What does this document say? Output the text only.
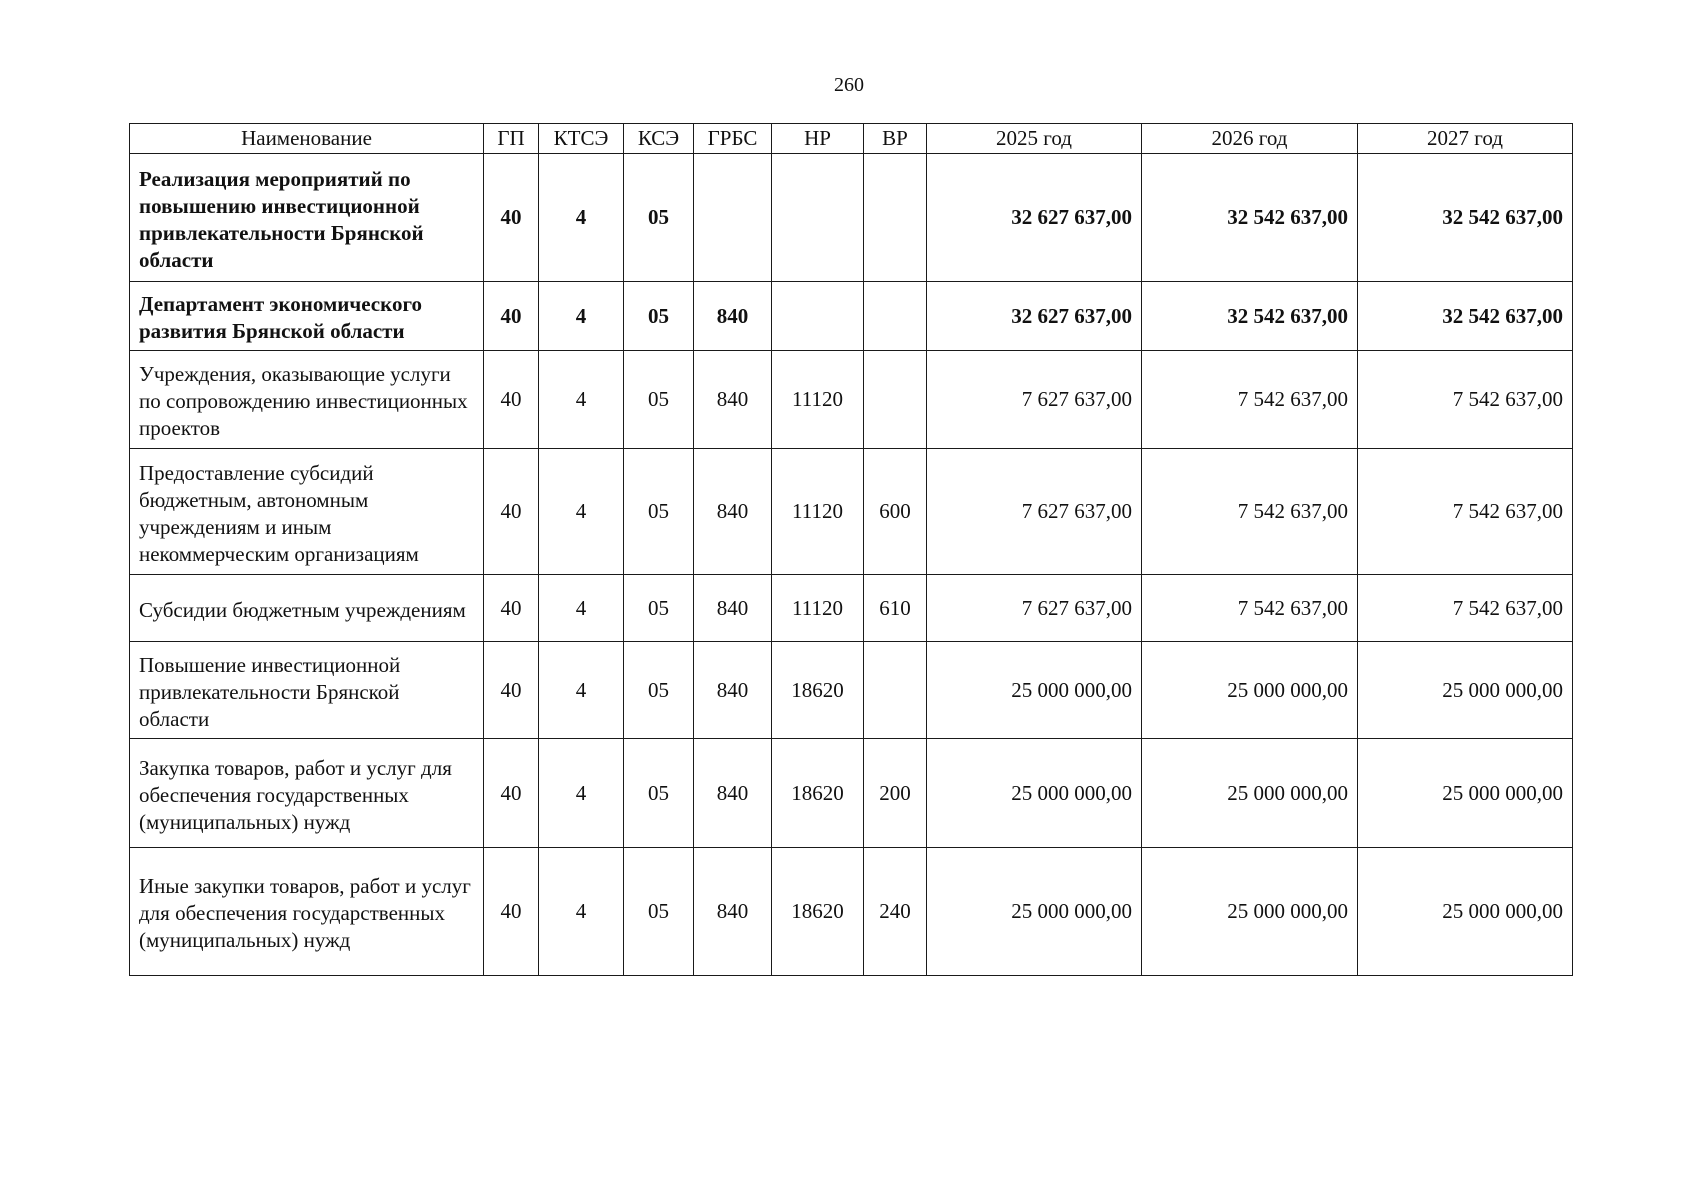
260
Наименование	ГП	КТСЭ	КСЭ	ГРБС	НР	ВР	2025 год	2026 год	2027 год
Реализация мероприятий по повышению инвестиционной привлекательности Брянской области	40	4	05				32 627 637,00	32 542 637,00	32 542 637,00
Департамент экономического развития Брянской области	40	4	05	840			32 627 637,00	32 542 637,00	32 542 637,00
Учреждения, оказывающие услуги по сопровождению инвестиционных проектов	40	4	05	840	11120		7 627 637,00	7 542 637,00	7 542 637,00
Предоставление субсидий бюджетным, автономным учреждениям и иным некоммерческим организациям	40	4	05	840	11120	600	7 627 637,00	7 542 637,00	7 542 637,00
Субсидии бюджетным учреждениям	40	4	05	840	11120	610	7 627 637,00	7 542 637,00	7 542 637,00
Повышение инвестиционной привлекательности Брянской области	40	4	05	840	18620		25 000 000,00	25 000 000,00	25 000 000,00
Закупка товаров, работ и услуг для обеспечения государственных (муниципальных) нужд	40	4	05	840	18620	200	25 000 000,00	25 000 000,00	25 000 000,00
Иные закупки товаров, работ и услуг для обеспечения государственных (муниципальных) нужд	40	4	05	840	18620	240	25 000 000,00	25 000 000,00	25 000 000,00
